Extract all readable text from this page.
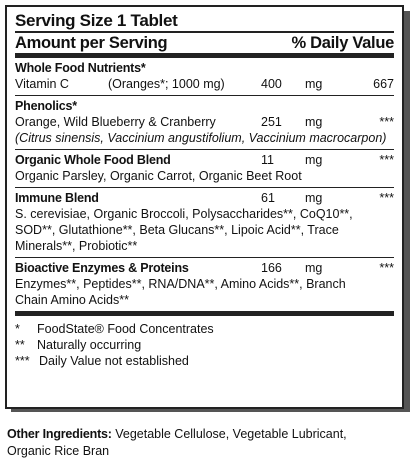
Serving Size 1 Tablet
Amount per Serving	% Daily Value
Whole Food Nutrients*
Vitamin C	(Oranges*; 1000 mg)	400 mg	667
Phenolics*
Orange, Wild Blueberry & Cranberry	251 mg	***
(Citrus sinensis, Vaccinium angustifolium, Vaccinium macrocarpon)
Organic Whole Food Blend	11 mg	***
Organic Parsley, Organic Carrot, Organic Beet Root
Immune Blend	61 mg	***
S. cerevisiae, Organic Broccoli, Polysaccharides**, CoQ10**,
SOD**, Glutathione**, Beta Glucans**, Lipoic Acid**, Trace
Minerals**, Probiotic**
Bioactive Enzymes & Proteins	166 mg	***
Enzymes**, Peptides**, RNA/DNA**, Amino Acids**, Branch
Chain Amino Acids**
* FoodState® Food Concentrates
** Naturally occurring
*** Daily Value not established
Other Ingredients: Vegetable Cellulose, Vegetable Lubricant,
Organic Rice Bran
